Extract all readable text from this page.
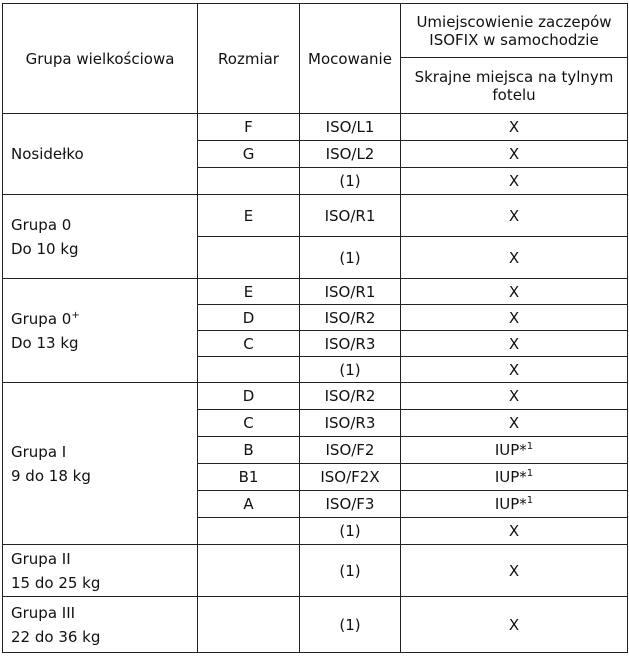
Grupa wielkościowa	Rozmiar	Mocowanie	Umiejscowienie zaczepów ISOFIX w samochodzie
			Skrajne miejsca na tylnym fotelu

Nosidełko	F	ISO/L1	X
	G	ISO/L2	X
		(1)	X

Grupa 0
Do 10 kg	E	ISO/R1	X
		(1)	X

Grupa 0+
Do 13 kg	E	ISO/R1	X
	D	ISO/R2	X
	C	ISO/R3	X
		(1)	X

Grupa I
9 do 18 kg	D	ISO/R2	X
	C	ISO/R3	X
	B	ISO/F2	IUP*$^1$
	B1	ISO/F2X	IUP*$^1$
	A	ISO/F3	IUP*$^1$
		(1)	X

Grupa II
15 do 25 kg		(1)	X

Grupa III
22 do 36 kg		(1)	X
